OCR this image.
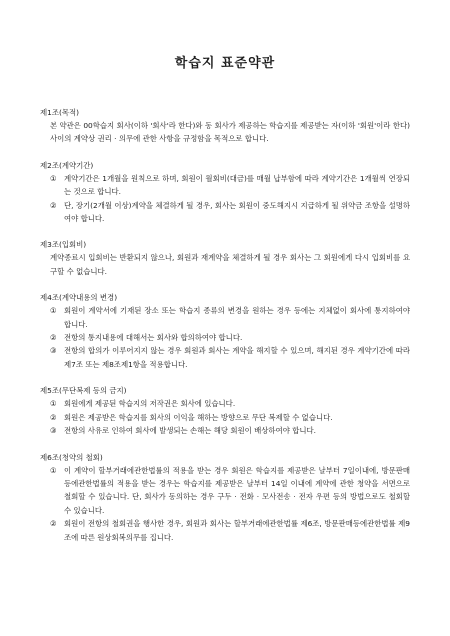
학습지 표준약관

제1조(목적)

본 약관은 00학습지 회사(이하 '회사'라 한다)와 동 회사가 제공하는 학습지를 제공받는 자(이하 '회원'이라 한다)사이의 계약상 권리 · 의무에 관한 사항을 규정함을 목적으로 합니다.

제2조(계약기간)

① 계약기간은 1개월을 원칙으로 하며, 회원이 월회비(대금)를 매월 납부함에 따라 계약기간은 1개월씩 연장되는 것으로 합니다.
② 단, 장기(2개월 이상)계약을 체결하게 될 경우, 회사는 회원이 중도해지시 지급하게 될 위약금 조항을 설명하여야 합니다.

제3조(입회비)

계약종료시 입회비는 반환되지 않으나, 회원과 재계약을 체결하게 될 경우 회사는 그 회원에게 다시 입회비를 요구할 수 없습니다.

제4조(계약내용의 변경)

① 회원이 계약서에 기재된 장소 또는 학습지 종류의 변경을 원하는 경우 등에는 지체없이 회사에 통지하여야 합니다.
② 전항의 통지내용에 대해서는 회사와 합의하여야 합니다.
③ 전항의 합의가 이루어지지 않는 경우 회원과 회사는 계약을 해지할 수 있으며, 해지된 경우 계약기간에 따라 제7조 또는 제8조제1항을 적용합니다.

제5조(무단복제 등의 금지)

① 회원에게 제공된 학습지의 저작권은 회사에 있습니다.
② 회원은 제공받은 학습지를 회사의 이익을 해하는 방향으로 무단 복제할 수 없습니다.
③ 전항의 사유로 인하여 회사에 발생되는 손해는 해당 회원이 배상하여야 합니다.

제6조(청약의 철회)

① 이 계약이 할부거래에관한법률의 적용을 받는 경우 회원은 학습지를 제공받은 날부터 7일이내에, 방문판매등에관한법률의 적용을 받는 경우는 학습지를 제공받은 날부터 14일 이내에 계약에 관한 청약을 서면으로 철회할 수 있습니다. 단, 회사가 동의하는 경우 구두 · 전화 · 모사전송 · 전자 우편 등의 방법으로도 철회할 수 있습니다.
② 회원이 전항의 철회권을 행사한 경우, 회원과 회사는 할부거래에관한법률 제6조, 방문판매등에관한법률 제9조에 따른 원상회복의무를 집니다.
